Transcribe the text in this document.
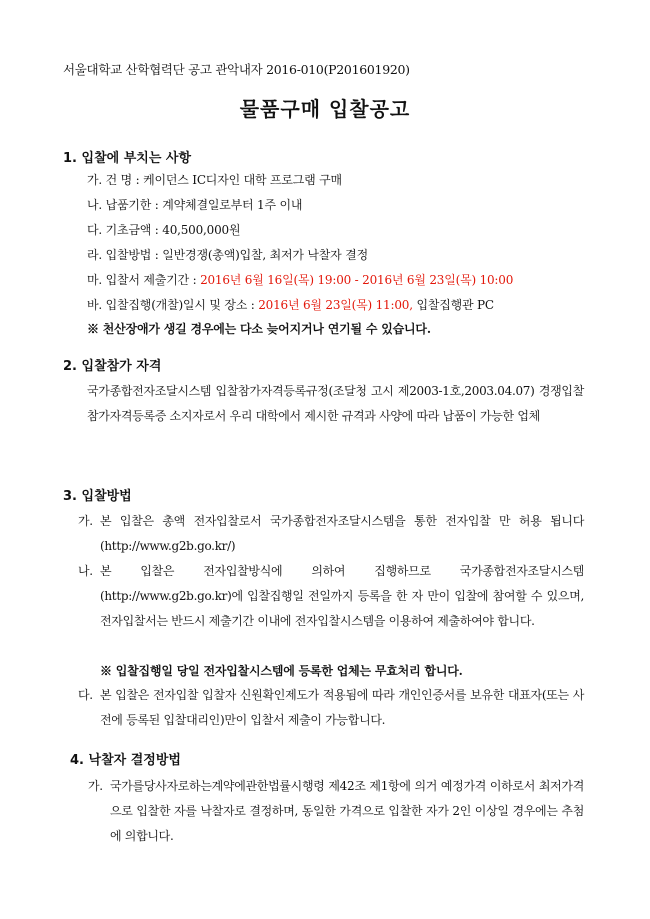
서울대학교 산학협력단 공고 관악내자 2016-010(P201601920)
물품구매 입찰공고
1. 입찰에 부치는 사항
가. 건 명 : 케이던스 IC디자인 대학 프로그램 구매
나. 납품기한 : 계약체결일로부터 1주 이내
다. 기초금액 : 40,500,000원
라. 입찰방법 : 일반경쟁(총액)입찰, 최저가 낙찰자 결정
마. 입찰서 제출기간 : 2016년 6월 16일(목) 19:00 - 2016년 6월 23일(목) 10:00
바. 입찰집행(개찰)일시 및 장소 : 2016년 6월 23일(목) 11:00, 입찰집행관 PC
※ 천산장애가 생길 경우에는 다소 늦어지거나 연기될 수 있습니다.
2. 입찰참가 자격
국가종합전자조달시스템 입찰참가자격등록규정(조달청 고시 제2003-1호,2003.04.07) 경쟁입찰참가자격등록증 소지자로서 우리 대학에서 제시한 규격과 사양에 따라 납품이 가능한 업체
3. 입찰방법
가. 본 입찰은 총액 전자입찰로서 국가종합전자조달시스템을 통한 전자입찰 만 허용 됩니다(http://www.g2b.go.kr/)
나. 본 입찰은 전자입찰방식에 의하여 집행하므로 국가종합전자조달시스템 (http://www.g2b.go.kr)에 입찰집행일 전일까지 등록을 한 자 만이 입찰에 참여할 수 있으며, 전자입찰서는 반드시 제출기간 이내에 전자입찰시스템을 이용하여 제출하여야 합니다.
※ 입찰집행일 당일 전자입찰시스템에 등록한 업체는 무효처리 합니다.
다. 본 입찰은 전자입찰 입찰자 신원확인제도가 적용됨에 따라 개인인증서를 보유한 대표자(또는 사전에 등록된 입찰대리인)만이 입찰서 제출이 가능합니다.
4. 낙찰자 결정방법
가. 국가를당사자로하는계약에관한법률시행령 제42조 제1항에 의거 예정가격 이하로서 최저가격으로 입찰한 자를 낙찰자로 결정하며, 동일한 가격으로 입찰한 자가 2인 이상일 경우에는 추첨에 의합니다.
